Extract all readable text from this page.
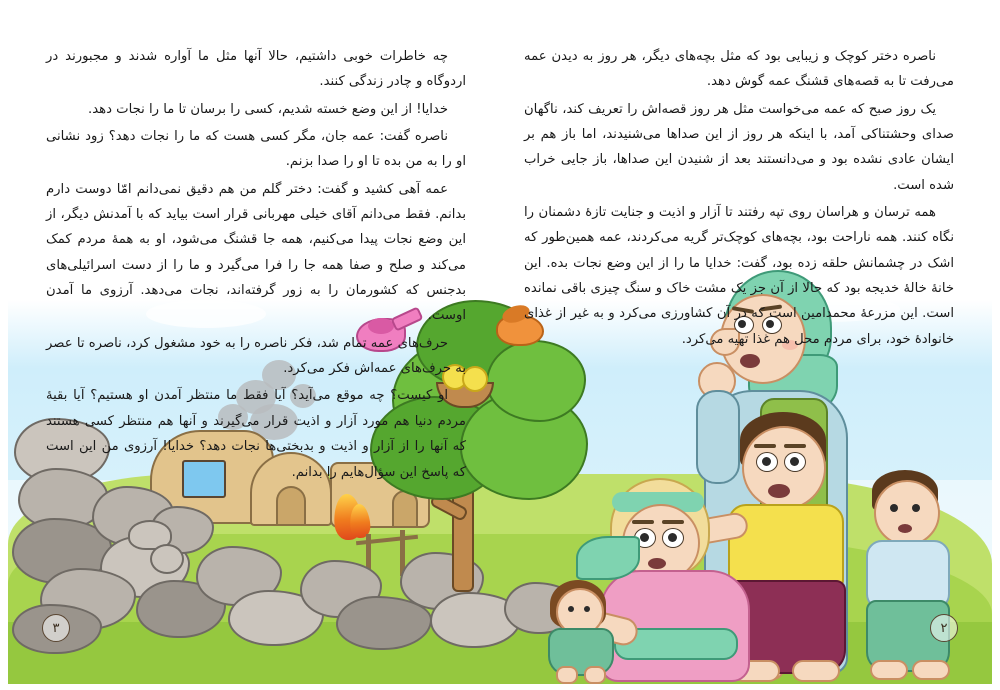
ناصره دختر کوچک و زیبایی بود که مثل بچه‌های دیگر، هر روز به دیدن عمه می‌رفت تا به قصه‌های قشنگ عمه گوش دهد.

یک روز صبح که عمه می‌خواست مثل هر روز قصه‌اش را تعریف کند، ناگهان صدای وحشتناکی آمد، با اینکه هر روز از این صداها می‌شنیدند، اما باز هم بر ایشان عادی نشده بود و می‌دانستند بعد از شنیدن این صداها، باز جایی خراب شده است.

همه ترسان و هراسان روی تپه رفتند تا آزار و اذیت و جنایت تازهٔ دشمنان را نگاه کنند. همه ناراحت بود، بچه‌های کوچک‌تر گریه می‌کردند، عمه همین‌طور که اشک در چشمانش حلقه زده بود، گفت: خدایا ما را از این وضع نجات بده. این خانهٔ خالهٔ خدیجه بود که حالا از آن جز یک مشت خاک و سنگ چیزی باقی نمانده است. این مزرعهٔ محمدامین است که در آن کشاورزی می‌کرد و به غیر از غذای خانوادهٔ خود، برای مردم محل هم غذا تهیه می‌کرد.

چه خاطرات خوبی داشتیم، حالا آنها مثل ما آواره شدند و مجبورند در اردوگاه و چادر زندگی کنند.

خدایا! از این وضع خسته شدیم، کسی را برسان تا ما را نجات دهد.

ناصره گفت: عمه جان، مگر کسی هست که ما را نجات دهد؟ زود نشانی او را به من بده تا او را صدا بزنم.

عمه آهی کشید و گفت: دختر گلم من هم دقیق نمی‌دانم امّا دوست دارم بدانم. فقط می‌دانم آقای خیلی مهربانی قرار است بیاید که با آمدنش دیگر، از این وضع نجات پیدا می‌کنیم، همه جا قشنگ می‌شود، او به همهٔ مردم کمک می‌کند و صلح و صفا همه جا را فرا می‌گیرد و ما را از دست اسرائیلی‌های بدجنس که کشورمان را به زور گرفته‌اند، نجات می‌دهد. آرزوی ما آمدن اوست.

حرف‌های عمه تمام شد، فکر ناصره را به خود مشغول کرد، ناصره تا عصر به حرف‌های عمه‌اش فکر می‌کرد.

او کیست؟ چه موقع می‌آید؟ آیا فقط ما منتظر آمدن او هستیم؟ آیا بقیهٔ مردم دنیا هم مورد آزار و اذیت قرار می‌گیرند و آنها هم منتظر کسی هستند که آنها را از آزار و اذیت و بدبختی‌ها نجات دهد؟ خدایا! آرزوی من این است که پاسخ این سؤال‌هایم را بدانم.

۳	۲
